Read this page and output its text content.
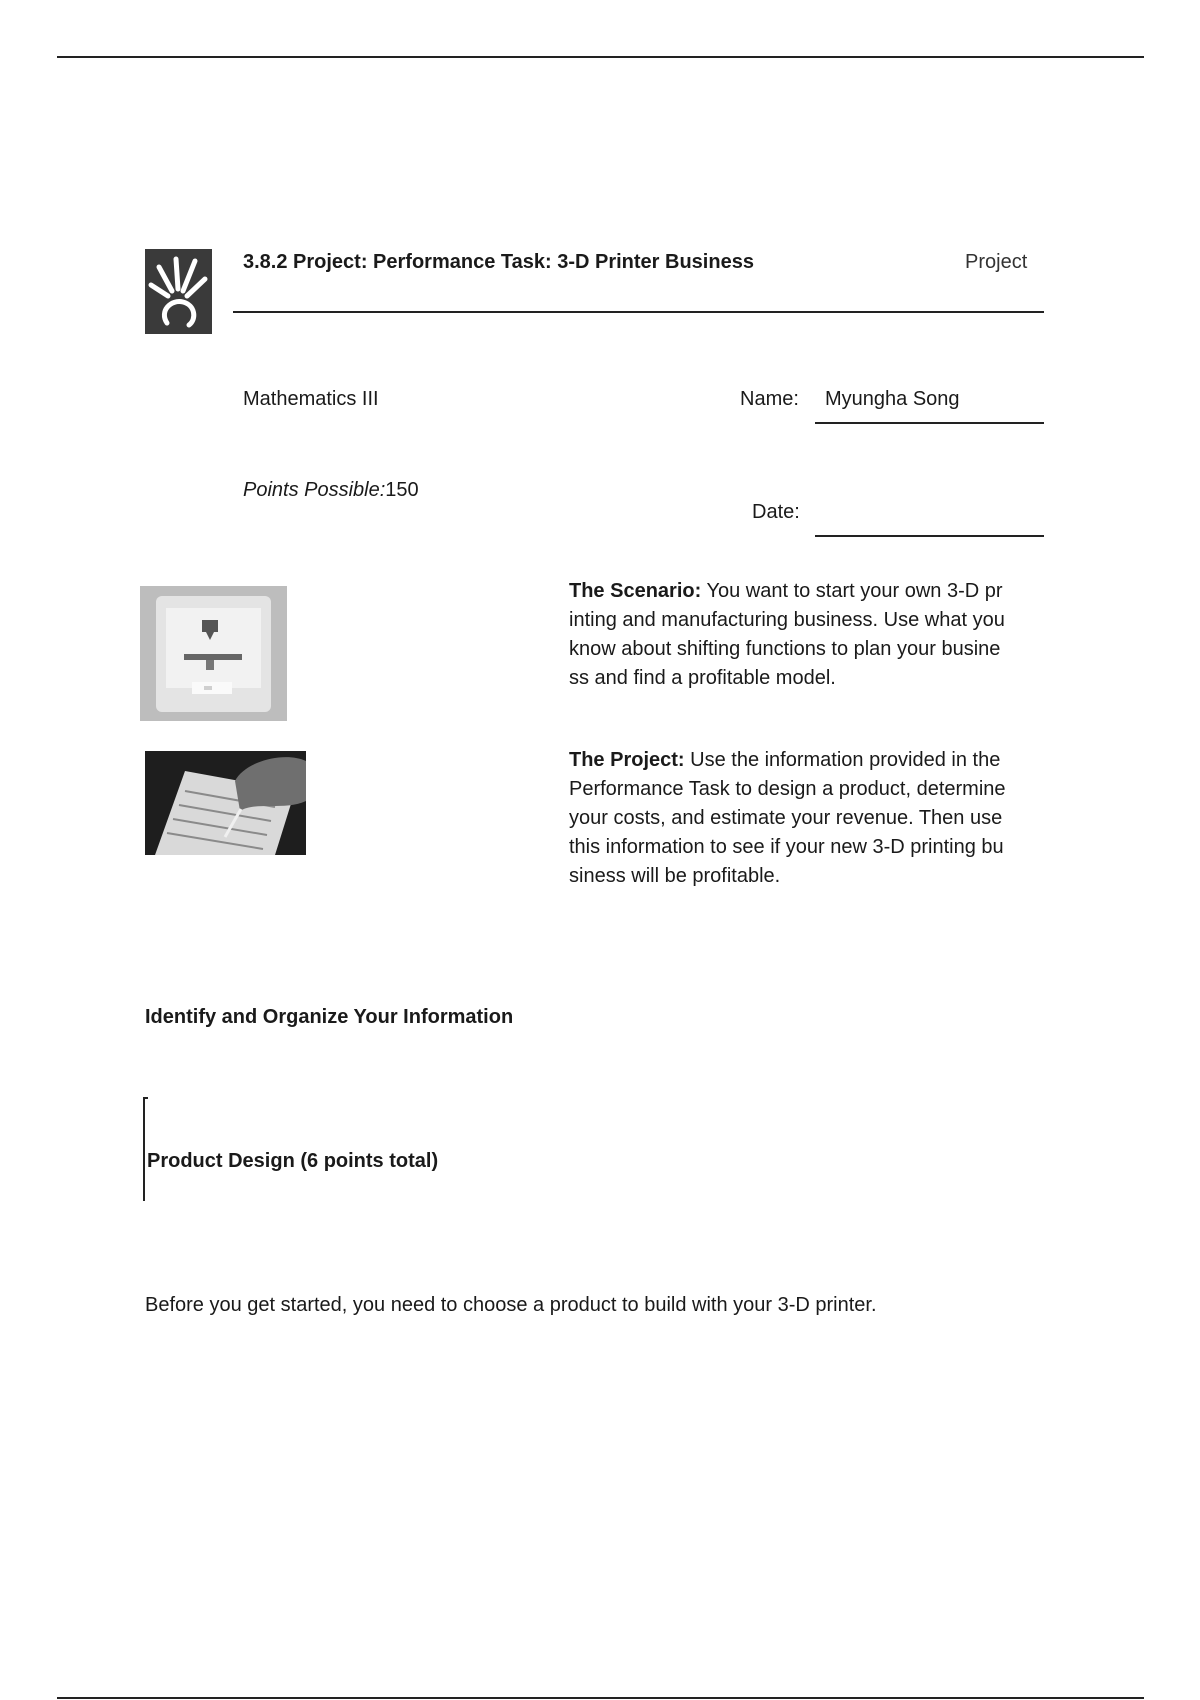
3.8.2 Project: Performance Task: 3-D Printer Business	Project
Mathematics III	Name: Myungha Song
Points Possible:150
Date:
The Scenario: You want to start your own 3-D printing and manufacturing business. Use what you know about shifting functions to plan your business and find a profitable model.
The Project: Use the information provided in the Performance Task to design a product, determine your costs, and estimate your revenue. Then use this information to see if your new 3-D printing business will be profitable.
Identify and Organize Your Information
Product Design (6 points total)
Before you get started, you need to choose a product to build with your 3-D printer.
